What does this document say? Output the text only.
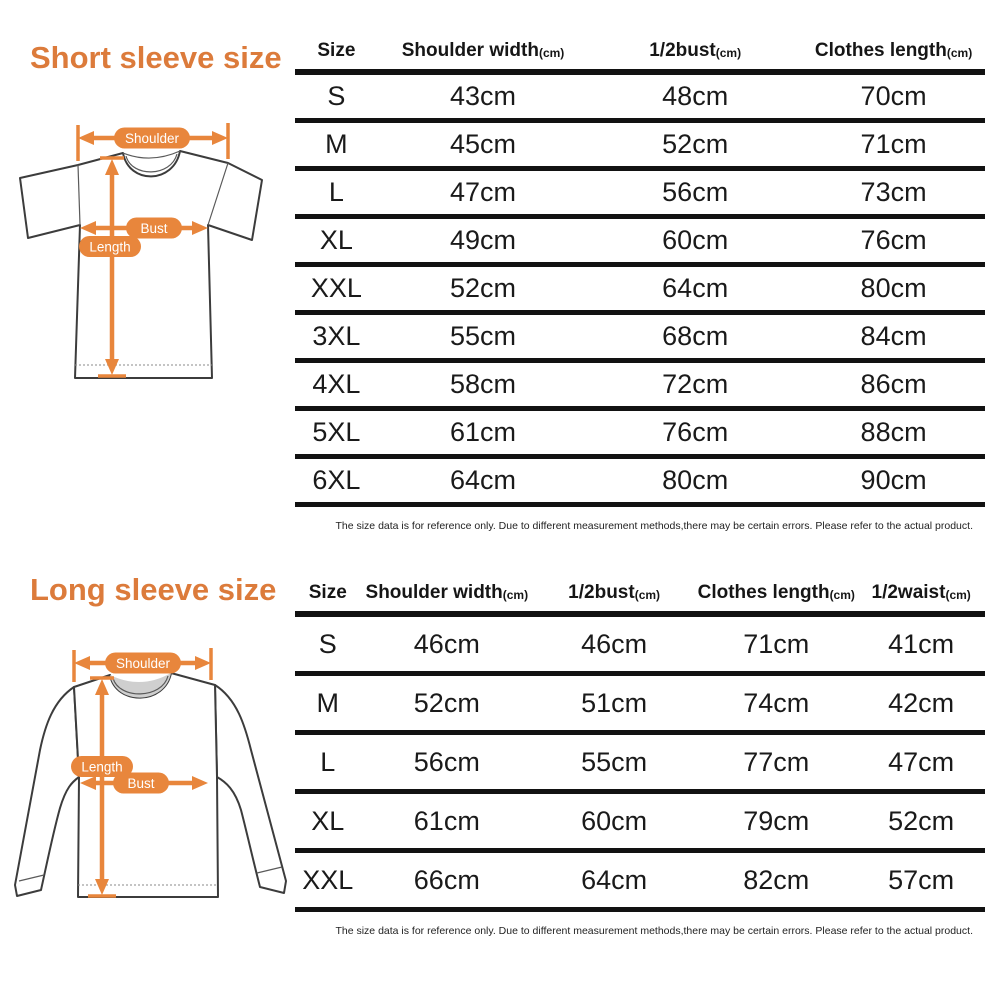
Short sleeve size
Shoulder
Bust
Length
Size	Shoulder width(cm)	1/2bust(cm)	Clothes length(cm)
S	43cm	48cm	70cm
M	45cm	52cm	71cm
L	47cm	56cm	73cm
XL	49cm	60cm	76cm
XXL	52cm	64cm	80cm
3XL	55cm	68cm	84cm
4XL	58cm	72cm	86cm
5XL	61cm	76cm	88cm
6XL	64cm	80cm	90cm
The size data is for reference only. Due to different measurement methods,there may be certain errors. Please refer to the actual product.
Long sleeve size
Shoulder
Bust
Length
Size	Shoulder width(cm)	1/2bust(cm)	Clothes length(cm)	1/2waist(cm)
S	46cm	46cm	71cm	41cm
M	52cm	51cm	74cm	42cm
L	56cm	55cm	77cm	47cm
XL	61cm	60cm	79cm	52cm
XXL	66cm	64cm	82cm	57cm
The size data is for reference only. Due to different measurement methods,there may be certain errors. Please refer to the actual product.
